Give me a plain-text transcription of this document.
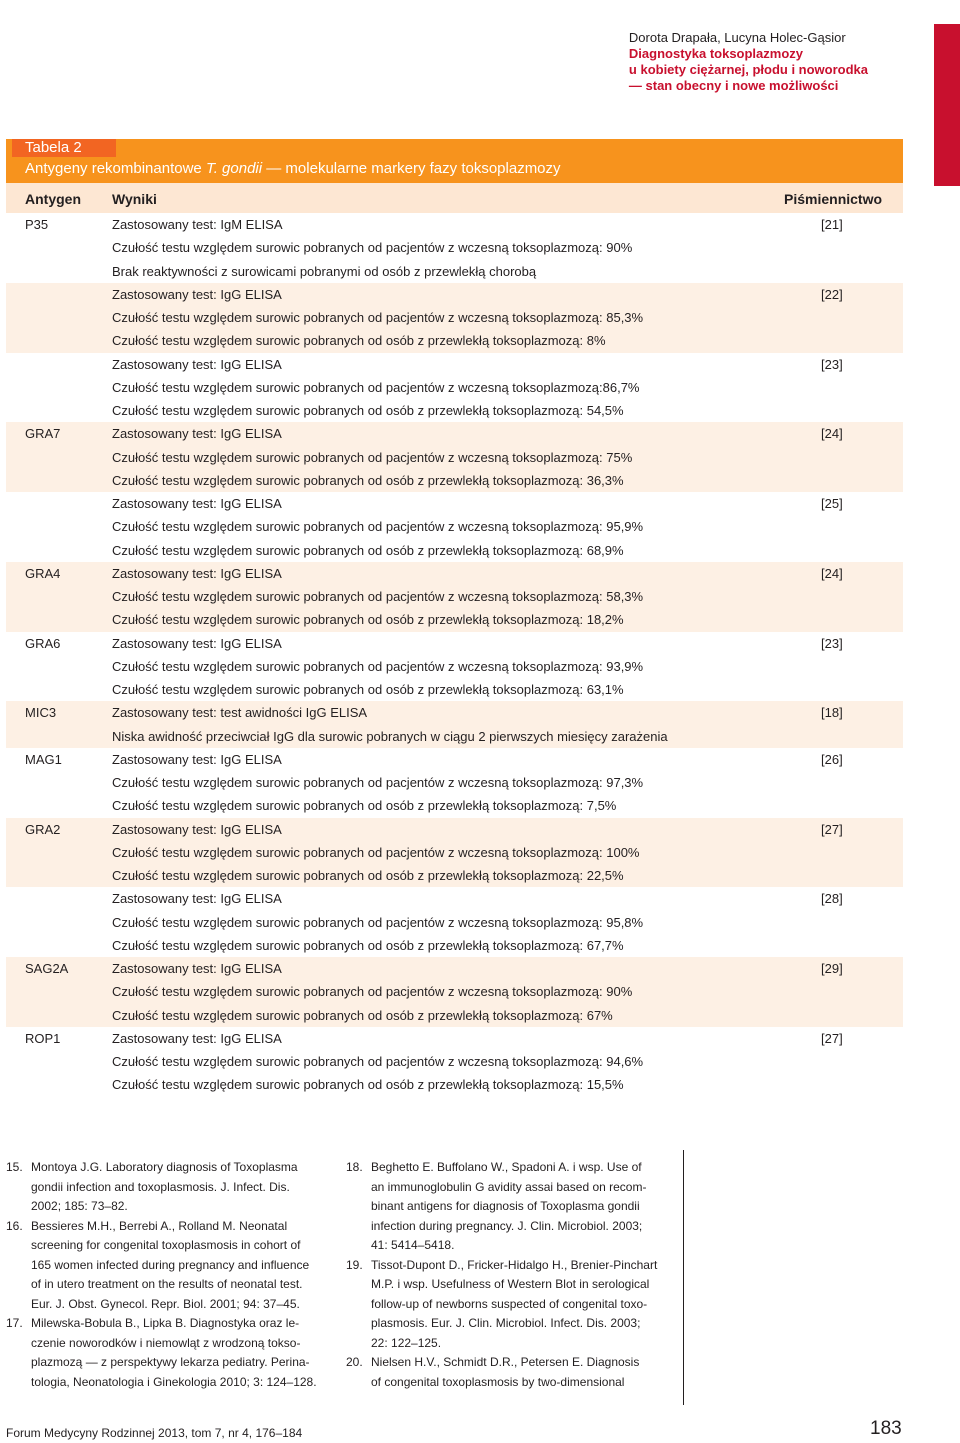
Dorota Drapała, Lucyna Holec-Gąsior
Diagnostyka toksoplazmozy
u kobiety ciężarnej, płodu i noworodka
— stan obecny i nowe możliwości
Tabela 2
Antygeny rekombinantowe T. gondii — molekularne markery fazy toksoplazmozy
Antygen Wyniki	Piśmiennictwo
P35	Zastosowany test: IgM ELISA	[21]
Czułość testu względem surowic pobranych od pacjentów z wczesną toksoplazmozą: 90%
Brak reaktywności z surowicami pobranymi od osób z przewlekłą chorobą
Zastosowany test: IgG ELISA	[22]
Czułość testu względem surowic pobranych od pacjentów z wczesną toksoplazmozą: 85,3%
Czułość testu względem surowic pobranych od osób z przewlekłą toksoplazmozą: 8%
Zastosowany test: IgG ELISA	[23]
Czułość testu względem surowic pobranych od pacjentów z wczesną toksoplazmozą:86,7%
Czułość testu względem surowic pobranych od osób z przewlekłą toksoplazmozą: 54,5%
GRA7	Zastosowany test: IgG ELISA	[24]
Czułość testu względem surowic pobranych od pacjentów z wczesną toksoplazmozą: 75%
Czułość testu względem surowic pobranych od osób z przewlekłą toksoplazmozą: 36,3%
Zastosowany test: IgG ELISA	[25]
Czułość testu względem surowic pobranych od pacjentów z wczesną toksoplazmozą: 95,9%
Czułość testu względem surowic pobranych od osób z przewlekłą toksoplazmozą: 68,9%
GRA4	Zastosowany test: IgG ELISA	[24]
Czułość testu względem surowic pobranych od pacjentów z wczesną toksoplazmozą: 58,3%
Czułość testu względem surowic pobranych od osób z przewlekłą toksoplazmozą: 18,2%
GRA6	Zastosowany test: IgG ELISA	[23]
Czułość testu względem surowic pobranych od pacjentów z wczesną toksoplazmozą: 93,9%
Czułość testu względem surowic pobranych od osób z przewlekłą toksoplazmozą: 63,1%
MIC3	Zastosowany test: test awidności IgG ELISA	[18]
Niska awidność przeciwciał IgG dla surowic pobranych w ciągu 2 pierwszych miesięcy zarażenia
MAG1	Zastosowany test: IgG ELISA	[26]
Czułość testu względem surowic pobranych od pacjentów z wczesną toksoplazmozą: 97,3%
Czułość testu względem surowic pobranych od osób z przewlekłą toksoplazmozą: 7,5%
GRA2	Zastosowany test: IgG ELISA	[27]
Czułość testu względem surowic pobranych od pacjentów z wczesną toksoplazmozą: 100%
Czułość testu względem surowic pobranych od osób z przewlekłą toksoplazmozą: 22,5%
Zastosowany test: IgG ELISA	[28]
Czułość testu względem surowic pobranych od pacjentów z wczesną toksoplazmozą: 95,8%
Czułość testu względem surowic pobranych od osób z przewlekłą toksoplazmozą: 67,7%
SAG2A	Zastosowany test: IgG ELISA	[29]
Czułość testu względem surowic pobranych od pacjentów z wczesną toksoplazmozą: 90%
Czułość testu względem surowic pobranych od osób z przewlekłą toksoplazmozą: 67%
ROP1	Zastosowany test: IgG ELISA	[27]
Czułość testu względem surowic pobranych od pacjentów z wczesną toksoplazmozą: 94,6%
Czułość testu względem surowic pobranych od osób z przewlekłą toksoplazmozą: 15,5%
15. Montoya J.G. Laboratory diagnosis of Toxoplasma
gondii infection and toxoplasmosis. J. Infect. Dis.
2002; 185: 73–82.
16. Bessieres M.H., Berrebi A., Rolland M. Neonatal
screening for congenital toxoplasmosis in cohort of
165 women infected during pregnancy and influence
of in utero treatment on the results of neonatal test.
Eur. J. Obst. Gynecol. Repr. Biol. 2001; 94: 37–45.
17. Milewska-Bobula B., Lipka B. Diagnostyka oraz le-
czenie noworodków i niemowląt z wrodzoną tokso-
plazmozą — z perspektywy lekarza pediatry. Perina-
tologia, Neonatologia i Ginekologia 2010; 3: 124–128.
18. Beghetto E. Buffolano W., Spadoni A. i wsp. Use of
an immunoglobulin G avidity assai based on recom-
binant antigens for diagnosis of Toxoplasma gondii
infection during pregnancy. J. Clin. Microbiol. 2003;
41: 5414–5418.
19. Tissot-Dupont D., Fricker-Hidalgo H., Brenier-Pinchart
M.P. i wsp. Usefulness of Western Blot in serological
follow-up of newborns suspected of congenital toxo-
plasmosis. Eur. J. Clin. Microbiol. Infect. Dis. 2003;
22: 122–125.
20. Nielsen H.V., Schmidt D.R., Petersen E. Diagnosis
of congenital toxoplasmosis by two-dimensional
Forum Medycyny Rodzinnej 2013, tom 7, nr 4, 176–184	183
